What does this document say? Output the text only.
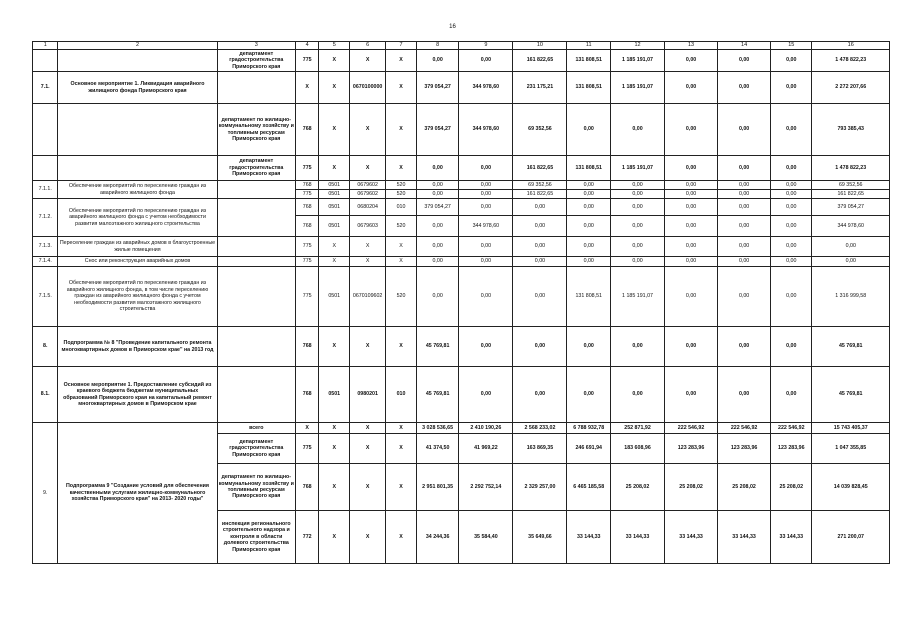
16
1	2	3	4	5	6	7	8	9	10	11	12	13	14	15	16
		департамент градостроительства Приморского края	775	X	X	X	0,00	0,00	161 822,65	131 808,51	1 185 191,07	0,00	0,00	0,00	1 478 822,23
7.1.	Основное мероприятие 1. Ликвидация аварийного жилищного фонда Приморского края		X	X	0670100000	X	379 054,27	344 978,60	231 175,21	131 808,51	1 185 191,07	0,00	0,00	0,00	2 272 207,66
		департамент по жилищно-коммунальному хозяйству и топливным ресурсам Приморского края	768	X	X	X	379 054,27	344 978,60	69 352,56	0,00	0,00	0,00	0,00	0,00	793 385,43
		департамент градостроительства Приморского края	775	X	X	X	0,00	0,00	161 822,65	131 808,51	1 185 191,07	0,00	0,00	0,00	1 478 822,23
7.1.1.	Обеспечение мероприятий по переселению граждан из аварийного жилищного фонда		768	0501	0679602	520	0,00	0,00	69 352,56	0,00	0,00	0,00	0,00	0,00	69 352,56
			775	0501	0679602	520	0,00	0,00	161 822,65	0,00	0,00	0,00	0,00	0,00	161 822,65
7.1.2.	Обеспечение мероприятий по переселению граждан из аварийного жилищного фонда с учетом необходимости развития малоэтажного жилищного строительства		768	0501	0680204	010	379 054,27	0,00	0,00	0,00	0,00	0,00	0,00	0,00	379 054,27
			768	0501	0679603	520	0,00	344 978,60	0,00	0,00	0,00	0,00	0,00	0,00	344 978,60
7.1.3.	Переселение граждан из аварийных домов в благоустроенные жилые помещения		775	X	X	X	0,00	0,00	0,00	0,00	0,00	0,00	0,00	0,00	0,00
7.1.4.	Снос или реконструкция аварийных домов		775	X	X	X	0,00	0,00	0,00	0,00	0,00	0,00	0,00	0,00	0,00
7.1.5.	Обеспечение мероприятий по переселению граждан из аварийного жилищного фонда, в том числе переселению граждан из аварийного жилищного фонда с учетом необходимости развития малоэтажного жилищного строительства		775	0501	0670109602	520	0,00	0,00	0,00	131 808,51	1 185 191,07	0,00	0,00	0,00	1 316 999,58
8.	Подпрограмма № 8 "Проведение капитального ремонта многоквартирных домов в Приморском крае" на 2013 год		768	X	X	X	45 769,81	0,00	0,00	0,00	0,00	0,00	0,00	0,00	45 769,81
8.1.	Основное мероприятие 1. Предоставление субсидий из краевого бюджета бюджетам муниципальных образований Приморского края на капитальный ремонт многоквартирных домов в Приморском крае		768	0501	0980201	010	45 769,81	0,00	0,00	0,00	0,00	0,00	0,00	0,00	45 769,81
9.	Подпрограмма 9 "Создание условий для обеспечения качественными услугами жилищно-коммунального хозяйства Приморского края" на 2013- 2020 годы"	всего	X	X	X	X	3 028 536,65	2 410 190,26	2 568 233,02	6 788 932,78	252 871,92	222 546,92	222 546,92	222 546,92	15 743 405,37
		департамент градостроительства Приморского края	775	X	X	X	41 374,50	41 969,22	163 869,35	246 691,94	183 608,96	123 283,96	123 283,96	123 283,96	1 047 355,85
		департамент по жилищно-коммунальному хозяйству и топливным ресурсам Приморского края	768	X	X	X	2 951 801,35	2 292 752,14	2 329 257,00	6 465 185,58	25 208,02	25 208,02	25 208,02	25 208,02	14 039 828,45
		инспекция регионального строительного надзора и контроля в области долевого строительства Приморского края	772	X	X	X	34 244,36	35 584,40	35 649,66	33 144,33	33 144,33	33 144,33	33 144,33	33 144,33	271 200,07
